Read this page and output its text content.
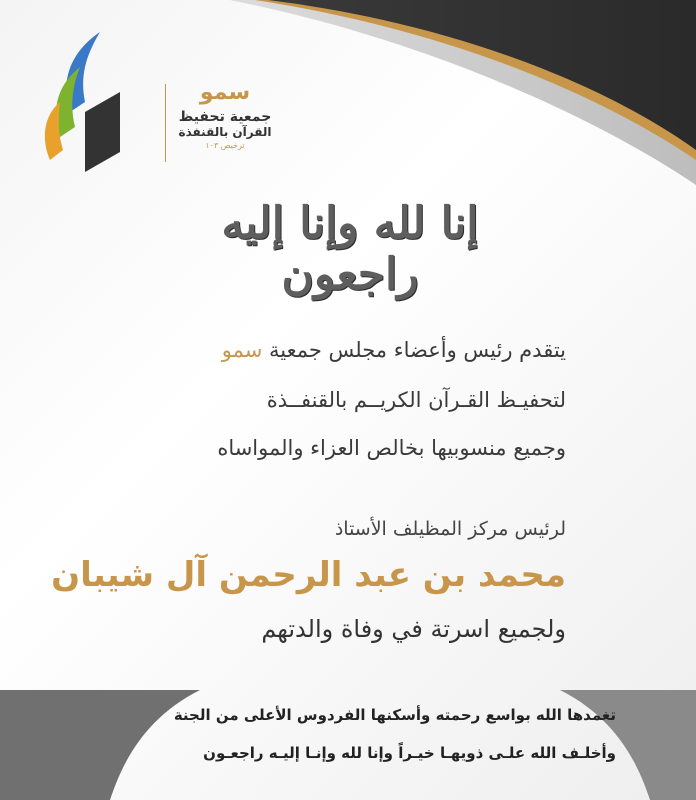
سمو
جمعية تحفيظ
القرآن بالقنفذة
ترخيص ١٠٣
إنا لله وإنا إليه راجعون
يتقدم رئيس وأعضاء مجلس جمعية سمو
لتحفيـظ القـرآن الكريــم بالقنفــذة
وجميع منسوبيها بخالص العزاء والمواساه
لرئيس مركز المظيلف الأستاذ
محمد بن عبد الرحمن آل شيبان
ولجميع اسرتة في وفاة والدتهم
تغمدها الله بواسع رحمته وأسكنها الفردوس الأعلى من الجنة
وأخلـف الله علـى ذويهـا خيـراً وإنا لله وإنـا إليـه راجعـون
